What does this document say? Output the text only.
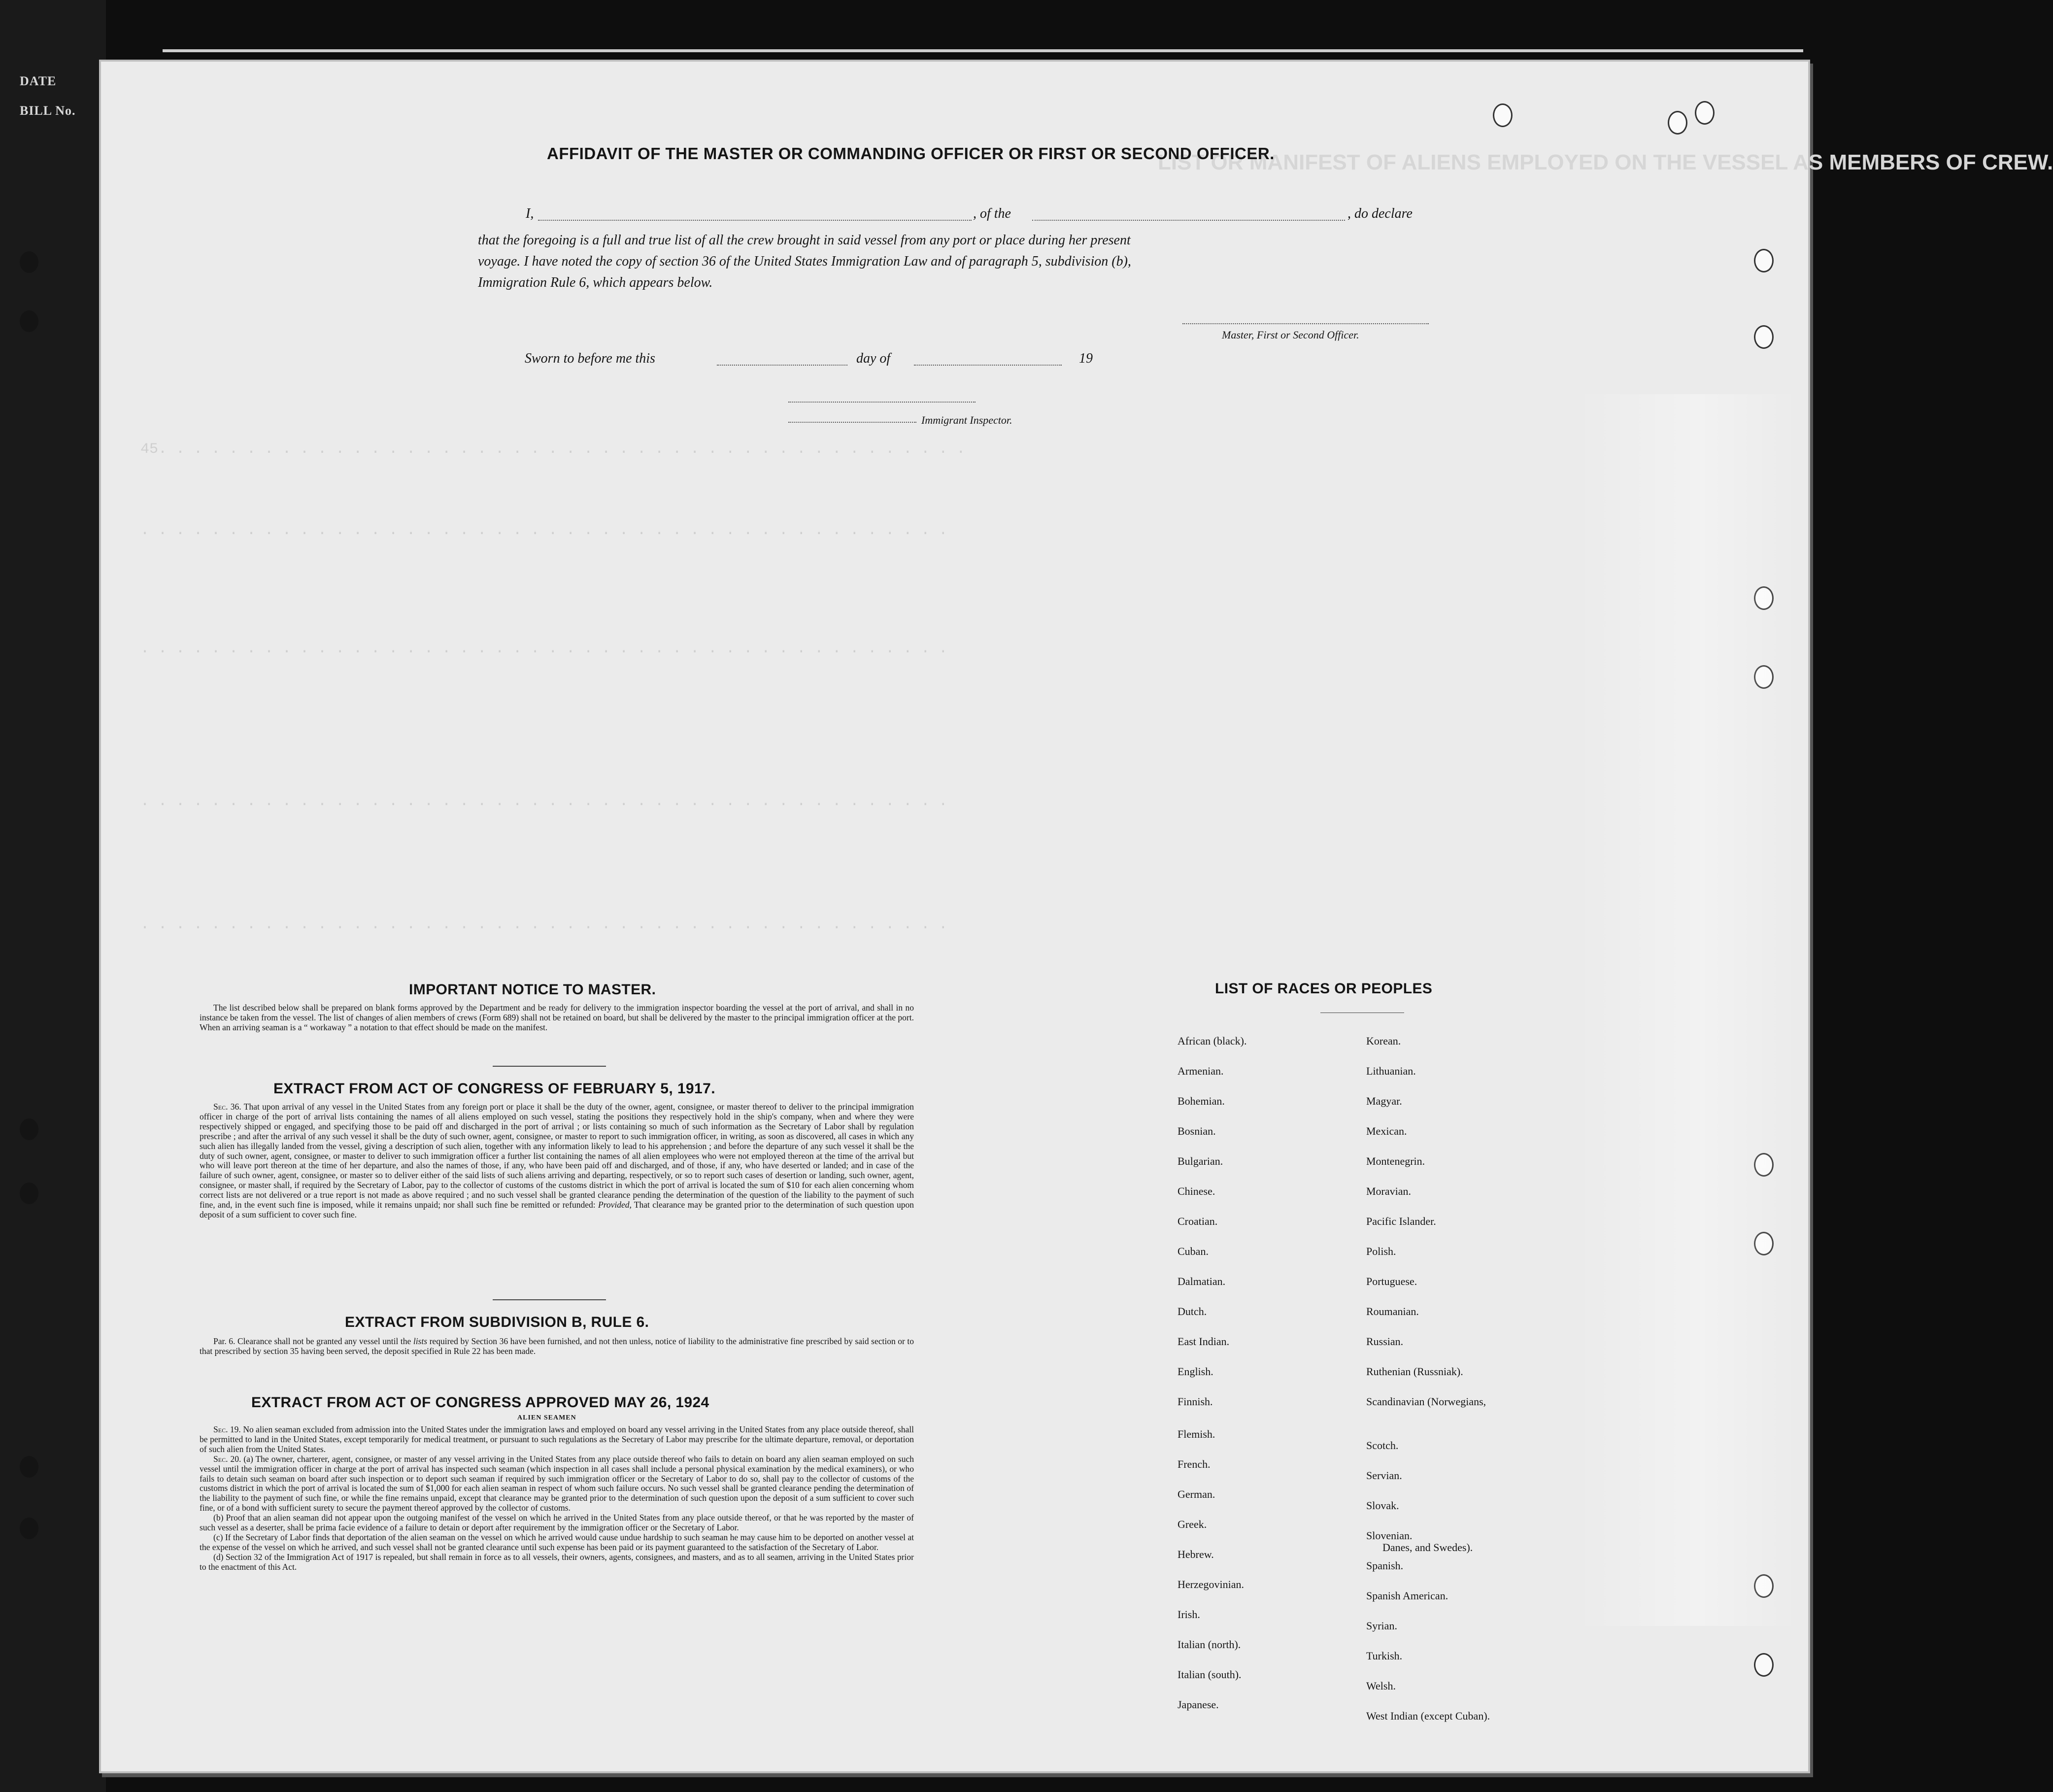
DATE
BILL No.
LIST OR MANIFEST OF ALIENS EMPLOYED ON THE VESSEL AS MEMBERS OF CREW.
AFFIDAVIT OF THE MASTER OR COMMANDING OFFICER OR FIRST OR SECOND OFFICER.
I,	, of the	, do declare
that the foregoing is a full and true list of all the crew brought in said vessel from any port or place during her present
voyage. I have noted the copy of section 36 of the United States Immigration Law and of paragraph 5, subdivision (b),
Immigration Rule 6, which appears below.
Master, First or Second Officer.
Sworn to before me this	day of	19
Immigrant Inspector.
45. . . . . . . . . . . . . . . . . . . . . . . . . . . . . . . . . . . . . . . . . . . . . .
. . . . . . . . . . . . . . . . . . . . . . . . . . . . . . . . . . . . . . . . . . . . . .
. . . . . . . . . . . . . . . . . . . . . . . . . . . . . . . . . . . . . . . . . . . . . .
. . . . . . . . . . . . . . . . . . . . . . . . . . . . . . . . . . . . . . . . . . . . . .
. . . . . . . . . . . . . . . . . . . . . . . . . . . . . . . . . . . . . . . . . . . . . .
IMPORTANT NOTICE TO MASTER.

The list described below shall be prepared on blank forms approved by the Department and be ready for delivery to the immigration inspector boarding the vessel at the port of arrival, and shall in no instance be taken from the vessel. The list of changes of alien members of crews (Form 689) shall not be retained on board, but shall be delivered by the master to the principal immigration officer at the port. When an arriving seaman is a “ workaway ” a notation to that effect should be made on the manifest.

EXTRACT FROM ACT OF CONGRESS OF FEBRUARY 5, 1917.

Sec. 36. That upon arrival of any vessel in the United States from any foreign port or place it shall be the duty of the owner, agent, consignee, or master thereof to deliver to the principal immigration officer in charge of the port of arrival lists containing the names of all aliens employed on such vessel, stating the positions they respectively hold in the ship's company, when and where they were respectively shipped or engaged, and specifying those to be paid off and discharged in the port of arrival ; or lists containing so much of such information as the Secretary of Labor shall by regulation prescribe ; and after the arrival of any such vessel it shall be the duty of such owner, agent, consignee, or master to report to such immigration officer, in writing, as soon as discovered, all cases in which any such alien has illegally landed from the vessel, giving a description of such alien, together with any information likely to lead to his apprehension ; and before the departure of any such vessel it shall be the duty of such owner, agent, consignee, or master to deliver to such immigration officer a further list containing the names of all alien employees who were not employed thereon at the time of the arrival but who will leave port thereon at the time of her departure, and also the names of those, if any, who have been paid off and discharged, and of those, if any, who have deserted or landed; and in case of the failure of such owner, agent, consignee, or master so to deliver either of the said lists of such aliens arriving and departing, respectively, or so to report such cases of desertion or landing, such owner, agent, consignee, or master shall, if required by the Secretary of Labor, pay to the collector of customs of the customs district in which the port of arrival is located the sum of $10 for each alien concerning whom correct lists are not delivered or a true report is not made as above required ; and no such vessel shall be granted clearance pending the determination of the question of the liability to the payment of such fine, and, in the event such fine is imposed, while it remains unpaid; nor shall such fine be remitted or refunded: Provided, That clearance may be granted prior to the determination of such question upon deposit of a sum sufficient to cover such fine.

EXTRACT FROM SUBDIVISION B, RULE 6.

Par. 6. Clearance shall not be granted any vessel until the lists required by Section 36 have been furnished, and not then unless, notice of liability to the administrative fine prescribed by said section or to that prescribed by section 35 having been served, the deposit specified in Rule 22 has been made.

EXTRACT FROM ACT OF CONGRESS APPROVED MAY 26, 1924
ALIEN SEAMEN

Sec. 19. No alien seaman excluded from admission into the United States under the immigration laws and employed on board any vessel arriving in the United States from any place outside thereof, shall be permitted to land in the United States, except temporarily for medical treatment, or pursuant to such regulations as the Secretary of Labor may prescribe for the ultimate departure, removal, or deportation of such alien from the United States.

Sec. 20. (a) The owner, charterer, agent, consignee, or master of any vessel arriving in the United States from any place outside thereof who fails to detain on board any alien seaman employed on such vessel until the immigration officer in charge at the port of arrival has inspected such seaman (which inspection in all cases shall include a personal physical examination by the medical examiners), or who fails to detain such seaman on board after such inspection or to deport such seaman if required by such immigration officer or the Secretary of Labor to do so, shall pay to the collector of customs of the customs district in which the port of arrival is located the sum of $1,000 for each alien seaman in respect of whom such failure occurs. No such vessel shall be granted clearance pending the determination of the liability to the payment of such fine, or while the fine remains unpaid, except that clearance may be granted prior to the determination of such question upon the deposit of a sum sufficient to cover such fine, or of a bond with sufficient surety to secure the payment thereof approved by the collector of customs.

(b) Proof that an alien seaman did not appear upon the outgoing manifest of the vessel on which he arrived in the United States from any place outside thereof, or that he was reported by the master of such vessel as a deserter, shall be prima facie evidence of a failure to detain or deport after requirement by the immigration officer or the Secretary of Labor.

(c) If the Secretary of Labor finds that deportation of the alien seaman on the vessel on which he arrived would cause undue hardship to such seaman he may cause him to be deported on another vessel at the expense of the vessel on which he arrived, and such vessel shall not be granted clearance until such expense has been paid or its payment guaranteed to the satisfaction of the Secretary of Labor.

(d) Section 32 of the Immigration Act of 1917 is repealed, but shall remain in force as to all vessels, their owners, agents, consignees, and masters, and as to all seamen, arriving in the United States prior to the enactment of this Act.

LIST OF RACES OR PEOPLES
African (black).
Armenian.
Bohemian.
Bosnian.
Bulgarian.
Chinese.
Croatian.
Cuban.
Dalmatian.
Dutch.
East Indian.
English.
Finnish.
Flemish.
French.
German.
Greek.
Hebrew.
Herzegovinian.
Irish.
Italian (north).
Italian (south).
Japanese.
Korean.
Lithuanian.
Magyar.
Mexican.
Montenegrin.
Moravian.
Pacific Islander.
Polish.
Portuguese.
Roumanian.
Russian.
Ruthenian (Russniak).
Scandinavian (Norwegians,
Scotch.
Servian.
Slovak.
Slovenian.
Spanish.
Spanish American.
Syrian.
Turkish.
Welsh.
West Indian (except Cuban).
Danes, and Swedes).
